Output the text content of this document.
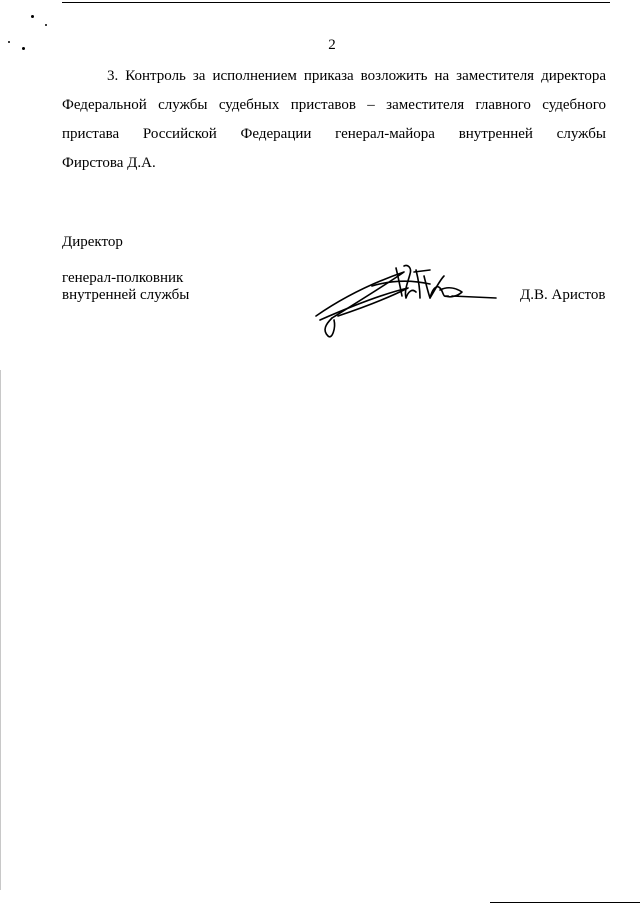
2
3. Контроль за исполнением приказа возложить на заместителя директора
Федеральной службы судебных приставов – заместителя главного судебного
пристава Российской Федерации генерал-майора внутренней службы
Фирстова Д.А.
Директор
генерал-полковник
внутренней службы	Д.В. Аристов
